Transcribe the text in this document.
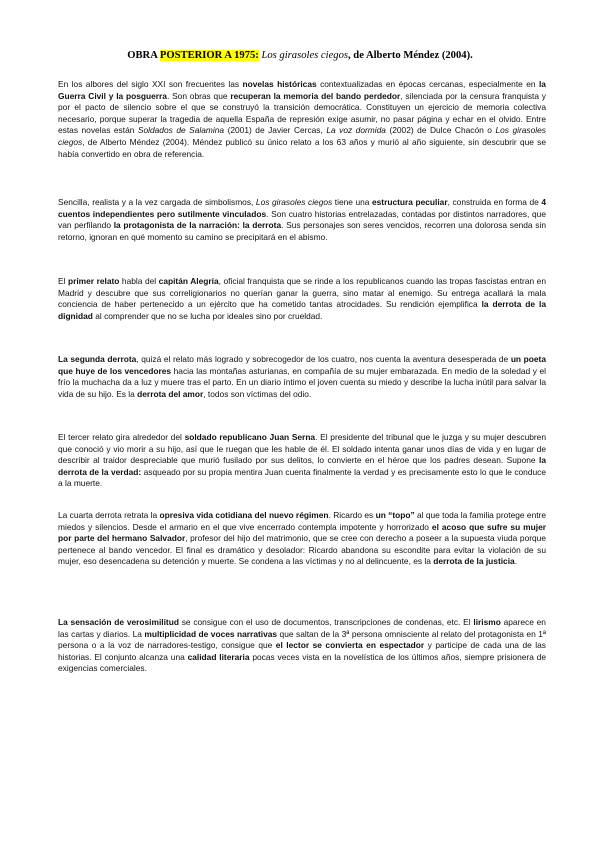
OBRA POSTERIOR A 1975: Los girasoles ciegos, de Alberto Méndez (2004).

En los albores del siglo XXI son frecuentes las novelas históricas contextualizadas en épocas cercanas, especialmente en la Guerra Civil y la posguerra. Son obras que recuperan la memoria del bando perdedor, silenciada por la censura franquista y por el pacto de silencio sobre el que se construyó la transición democrática. Constituyen un ejercicio de memoria colectiva necesario, porque superar la tragedia de aquella España de represión exige asumir, no pasar página y echar en el olvido. Entre estas novelas están Soldados de Salamina (2001) de Javier Cercas, La voz dormida (2002) de Dulce Chacón o Los girasoles ciegos, de Alberto Méndez (2004). Méndez publicó su único relato a los 63 años y murió al año siguiente, sin descubrir que se había convertido en obra de referencia.

Sencilla, realista y a la vez cargada de simbolismos, Los girasoles ciegos tiene una estructura peculiar, construida en forma de 4 cuentos independientes pero sutilmente vinculados. Son cuatro historias entrelazadas, contadas por distintos narradores, que van perfilando la protagonista de la narración: la derrota. Sus personajes son seres vencidos, recorren una dolorosa senda sin retorno, ignoran en qué momento su camino se precipitará en el abismo.

El primer relato habla del capitán Alegría, oficial franquista que se rinde a los republicanos cuando las tropas fascistas entran en Madrid y descubre que sus correligionarios no querían ganar la guerra, sino matar al enemigo. Su entrega acallará la mala conciencia de haber pertenecido a un ejército que ha cometido tantas atrocidades. Su rendición ejemplifica la derrota de la dignidad al comprender que no se lucha por ideales sino por crueldad.

La segunda derrota, quizá el relato más logrado y sobrecogedor de los cuatro, nos cuenta la aventura desesperada de un poeta que huye de los vencedores hacia las montañas asturianas, en compañía de su mujer embarazada. En medio de la soledad y el frío la muchacha da a luz y muere tras el parto. En un diario íntimo el joven cuenta su miedo y describe la lucha inútil para salvar la vida de su hijo. Es la derrota del amor, todos son víctimas del odio.

El tercer relato gira alrededor del soldado republicano Juan Serna. El presidente del tribunal que le juzga y su mujer descubren que conoció y vio morir a su hijo, así que le ruegan que les hable de él. El soldado intenta ganar unos días de vida y en lugar de describir al traidor despreciable que murió fusilado por sus delitos, lo convierte en el héroe que los padres desean. Supone la derrota de la verdad: asqueado por su propia mentira Juan cuenta finalmente la verdad y es precisamente esto lo que le conduce a la muerte.

La cuarta derrota retrata la opresiva vida cotidiana del nuevo régimen. Ricardo es un “topo” al que toda la familia protege entre miedos y silencios. Desde el armario en el que vive encerrado contempla impotente y horrorizado el acoso que sufre su mujer por parte del hermano Salvador, profesor del hijo del matrimonio, que se cree con derecho a poseer a la supuesta viuda porque pertenece al bando vencedor. El final es dramático y desolador: Ricardo abandona su escondite para evitar la violación de su mujer, eso desencadena su detención y muerte. Se condena a las víctimas y no al delincuente, es la derrota de la justicia.

La sensación de verosimilitud se consigue con el uso de documentos, transcripciones de condenas, etc. El lirismo aparece en las cartas y diarios. La multiplicidad de voces narrativas que saltan de la 3ª persona omnisciente al relato del protagonista en 1ª persona o a la voz de narradores-testigo, consigue que el lector se convierta en espectador y participe de cada una de las historias. El conjunto alcanza una calidad literaria pocas veces vista en la novelística de los últimos años, siempre prisionera de exigencias comerciales.
